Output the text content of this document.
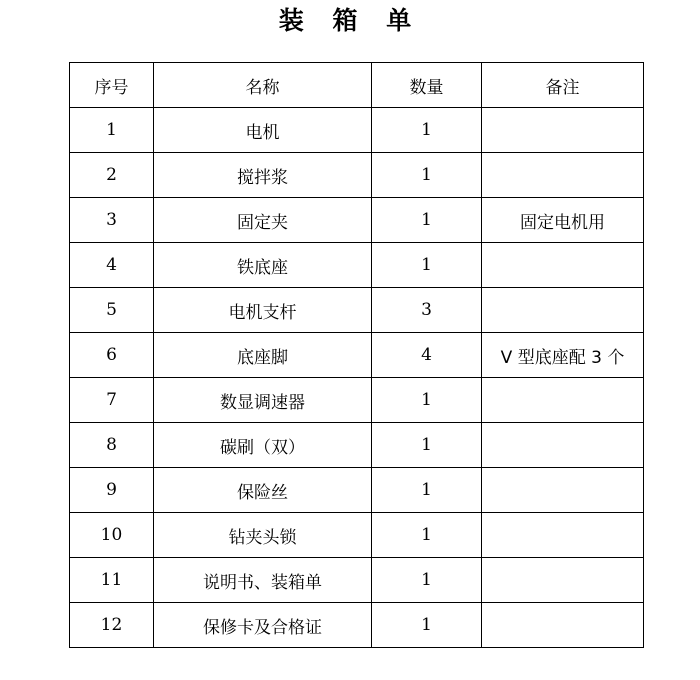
装 箱 单
序号	名称	数量	备注
1	电机	1	
2	搅拌浆	1	
3	固定夹	1	固定电机用
4	铁底座	1	
5	电机支杆	3	
6	底座脚	4	V 型底座配 3 个
7	数显调速器	1	
8	碳刷（双）	1	
9	保险丝	1	
10	钻夹头锁	1	
11	说明书、装箱单	1	
12	保修卡及合格证	1	
